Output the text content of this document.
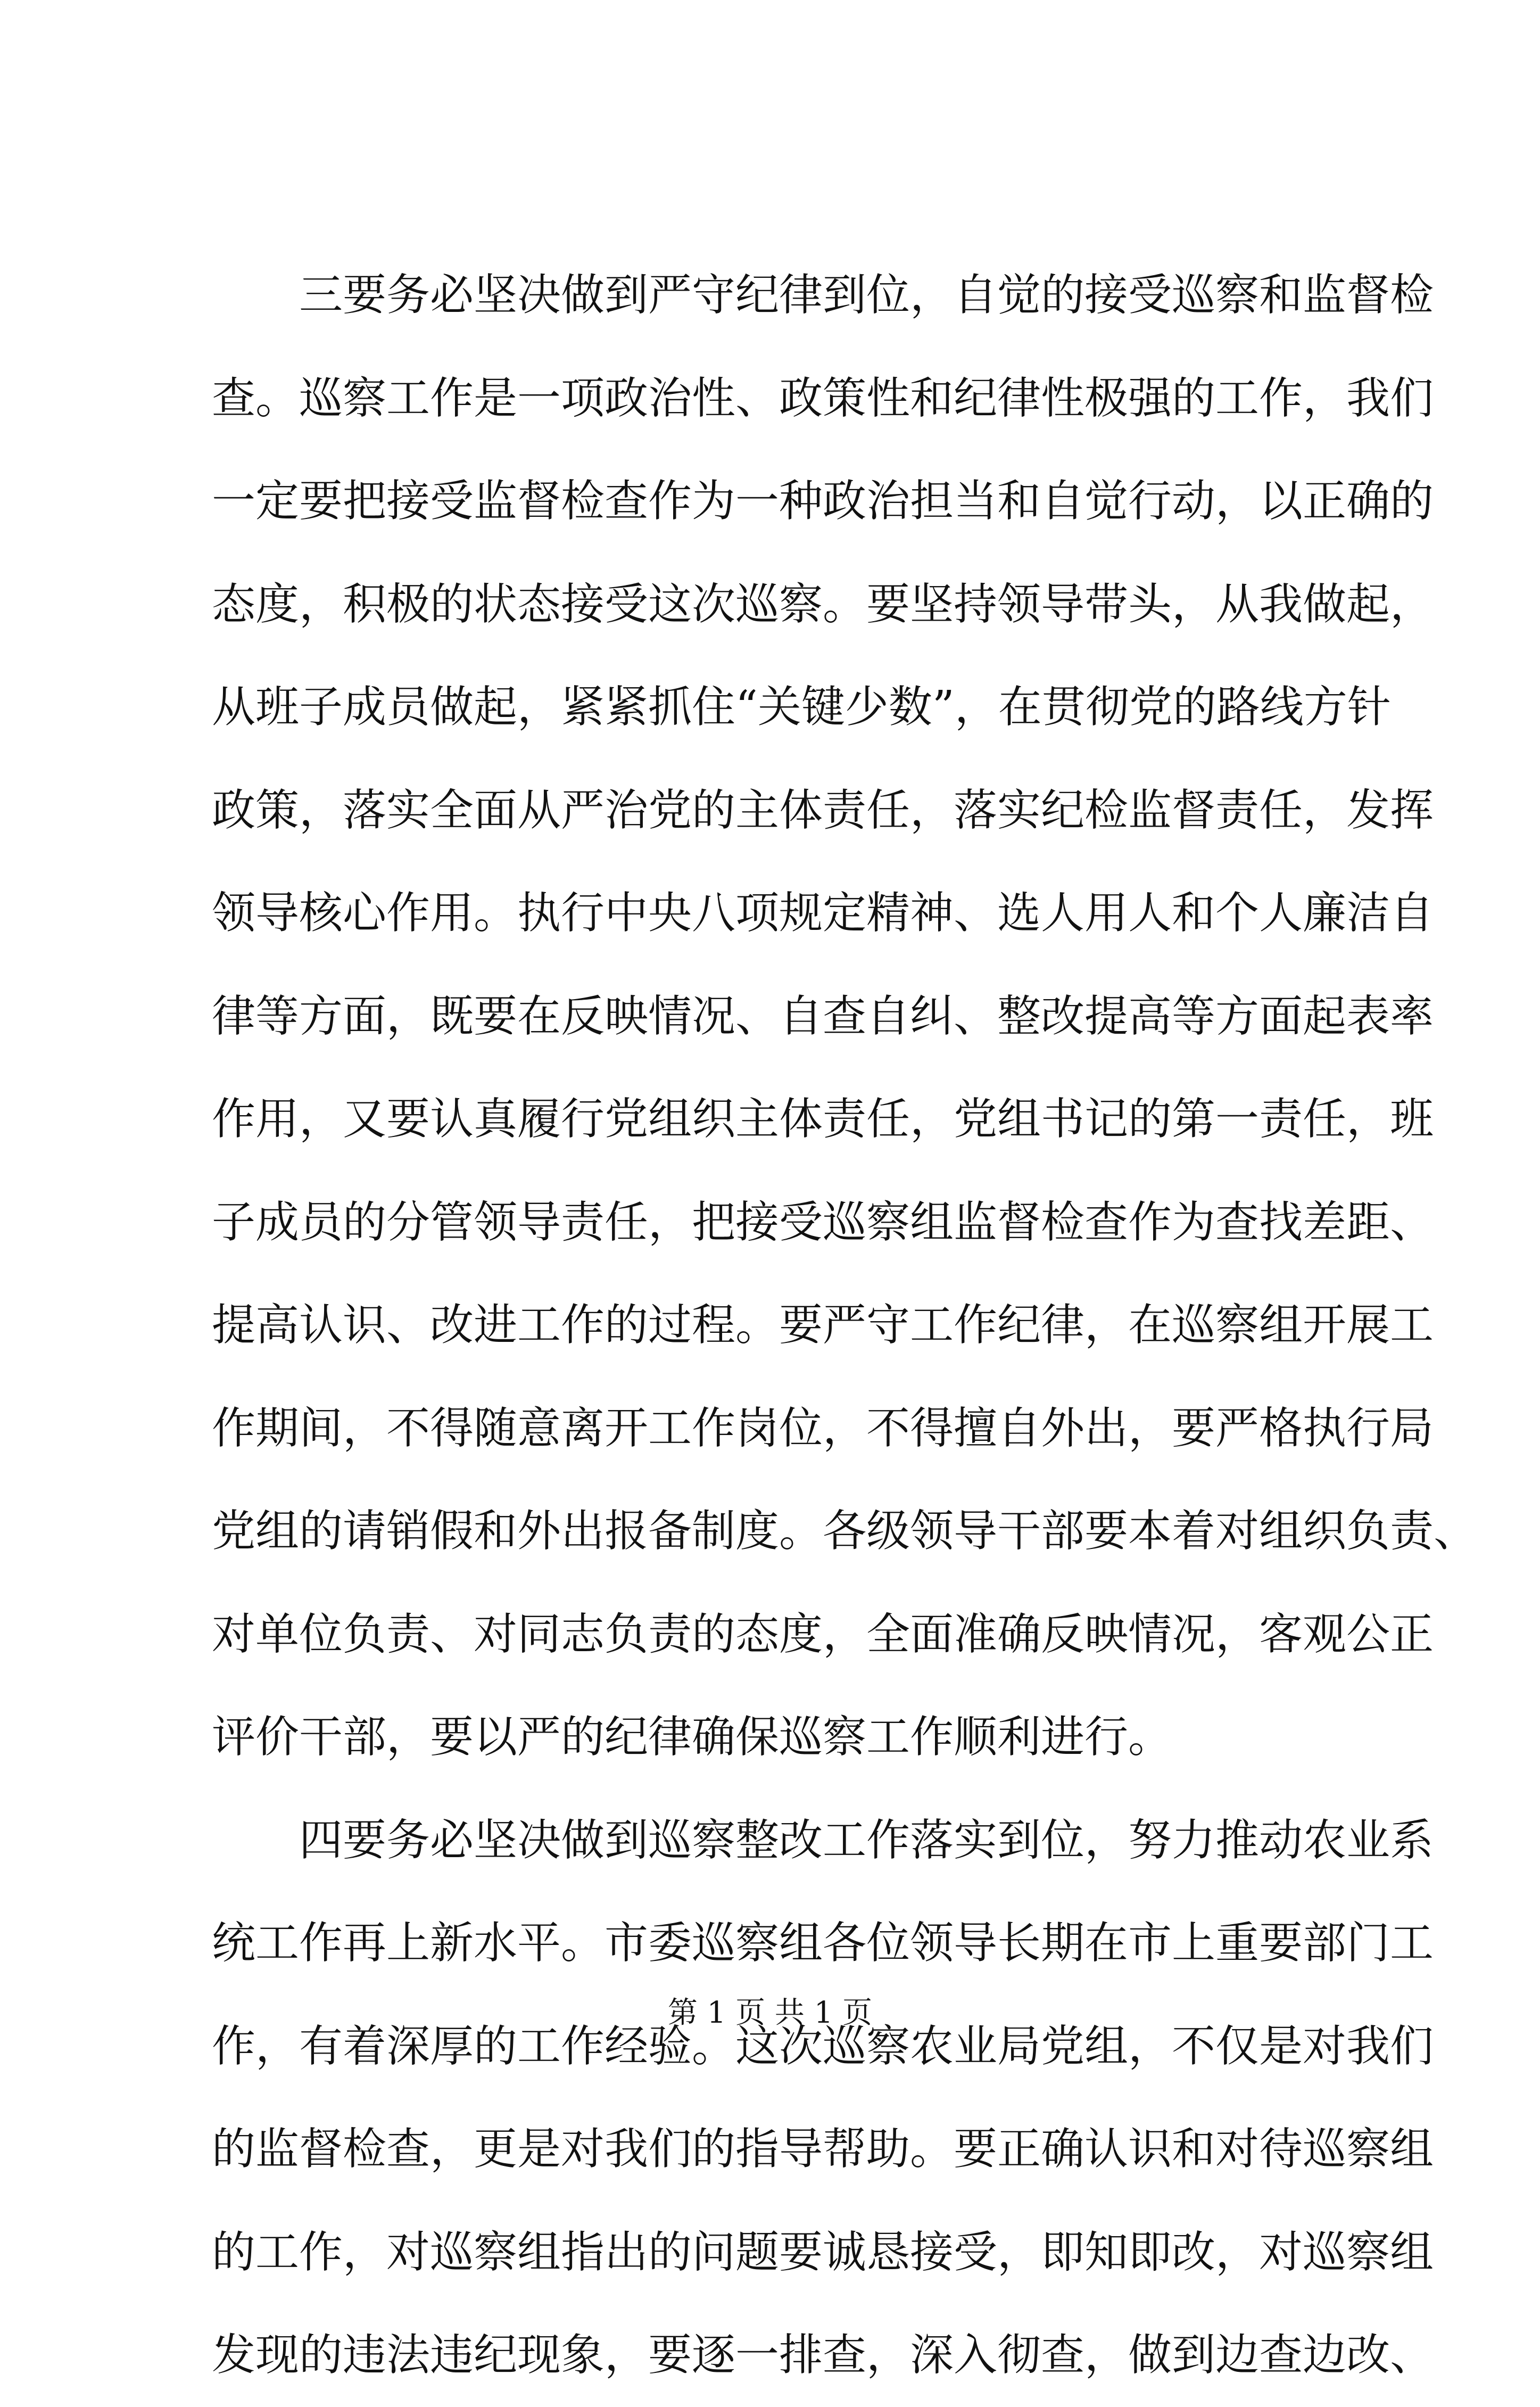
三要务必坚决做到严守纪律到位，自觉的接受巡察和监督检
查。巡察工作是一项政治性、政策性和纪律性极强的工作，我们
一定要把接受监督检查作为一种政治担当和自觉行动，以正确的
态度，积极的状态接受这次巡察。要坚持领导带头，从我做起，
从班子成员做起，紧紧抓住“关键少数”，在贯彻党的路线方针
政策，落实全面从严治党的主体责任，落实纪检监督责任，发挥
领导核心作用。执行中央八项规定精神、选人用人和个人廉洁自
律等方面，既要在反映情况、自查自纠、整改提高等方面起表率
作用，又要认真履行党组织主体责任，党组书记的第一责任，班
子成员的分管领导责任，把接受巡察组监督检查作为查找差距、
提高认识、改进工作的过程。要严守工作纪律，在巡察组开展工
作期间，不得随意离开工作岗位，不得擅自外出，要严格执行局
党组的请销假和外出报备制度。各级领导干部要本着对组织负责、
对单位负责、对同志负责的态度，全面准确反映情况，客观公正
评价干部，要以严的纪律确保巡察工作顺利进行。
四要务必坚决做到巡察整改工作落实到位，努力推动农业系
统工作再上新水平。市委巡察组各位领导长期在市上重要部门工
作，有着深厚的工作经验。这次巡察农业局党组，不仅是对我们
的监督检查，更是对我们的指导帮助。要正确认识和对待巡察组
的工作，对巡察组指出的问题要诚恳接受，即知即改，对巡察组
发现的违法违纪现象，要逐一排查，深入彻查，做到边查边改、
第 1 页 共 1 页
